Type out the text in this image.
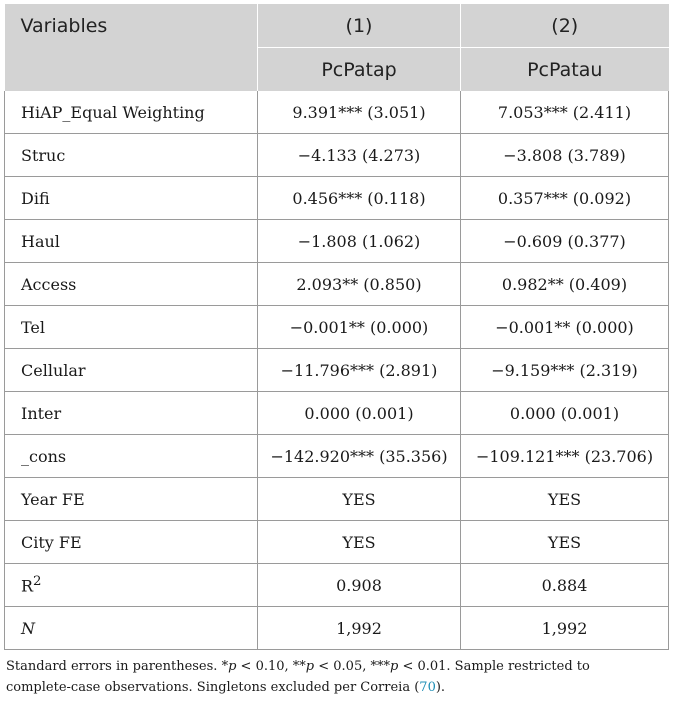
Variables	(1)	(2)
	PcPatap	PcPatau
HiAP_Equal Weighting	9.391*** (3.051)	7.053*** (2.411)
Struc	−4.133 (4.273)	−3.808 (3.789)
Difi	0.456*** (0.118)	0.357*** (0.092)
Haul	−1.808 (1.062)	−0.609 (0.377)
Access	2.093** (0.850)	0.982** (0.409)
Tel	−0.001** (0.000)	−0.001** (0.000)
Cellular	−11.796*** (2.891)	−9.159*** (2.319)
Inter	0.000 (0.001)	0.000 (0.001)
_cons	−142.920*** (35.356)	−109.121*** (23.706)
Year FE	YES	YES
City FE	YES	YES
$R^2$	0.908	0.884
N	1,992	1,992
Standard errors in parentheses. *p < 0.10, **p < 0.05, ***p < 0.01. Sample restricted to
complete-case observations. Singletons excluded per Correia (70).
